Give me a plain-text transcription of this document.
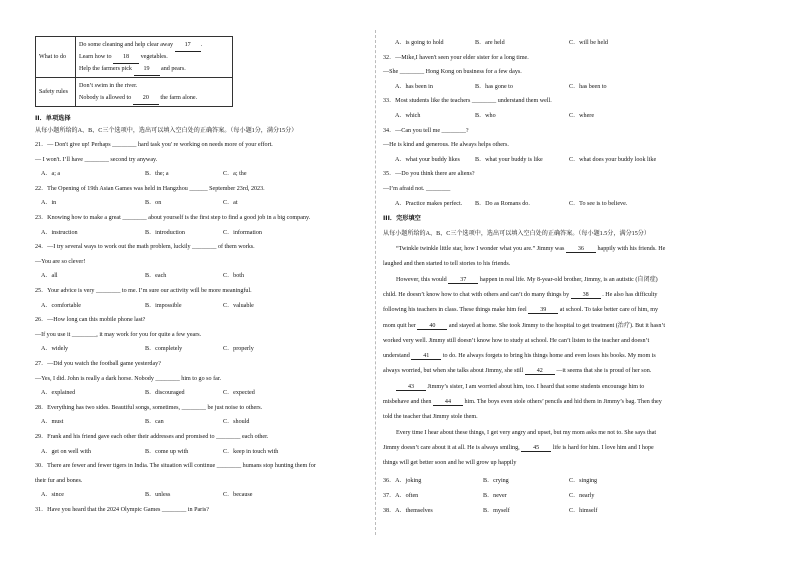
What to do	Do some cleaning and help clear away 17 .
Learn how to 18 vegetables.
Help the farmers pick 19 and pears.

Safety rules	Don’t swim in the river.
Nobody is allowed to 20 the farm alone.
II．单项选择
从每小题所给的A、B、C三个选项中，选出可以填入空白处的正确答案。（每小题1分，满分15分）
21．— Don't give up! Perhaps ________ hard task you' re working on needs more of your effort.
— I won't. I’ll have ________ second try anyway.
A．a; a	B．the; a	C．a; the
22．The Opening of 19th Asian Games was held in Hangzhou ______ September 23rd, 2023.
A．in	B．on	C．at
23．Knowing how to make a great ________ about yourself is the first step to find a good job in a big company.
A．instruction	B．introduction	C．information
24．—I try several ways to work out the math problem, luckily ________ of them works.
—You are so clever!
A．all	B．each	C．both
25．Your advice is very ________ to me. I’m sure our activity will be more meaningful.
A．comfortable	B．impossible	C．valuable
26．—How long can this mobile phone last?
—If you use it ________, it may work for you for quite a few years.
A．widely	B．completely	C．properly
27．—Did you watch the football game yesterday?
—Yes, I did. John is really a dark horse. Nobody ________ him to go so far.
A．explained	B．discouraged	C．expected
28．Everything has two sides. Beautiful songs, sometimes, ________ be just noise to others.
A．must	B．can	C．should
29．Frank and his friend gave each other their addresses and promised to ________ each other.
A．get on well with	B．come up with	C．keep in touch with
30．There are fewer and fewer tigers in India. The situation will continue ________ humans stop hunting them for
their fur and bones.
A．since	B．unless	C．because
31．Have you heard that the 2024 Olympic Games ________ in Paris?
A．is going to hold	B．are held	C．will be held
32．—Mike,I haven't seen your elder sister for a long time.
—She ________ Hong Kong on business for a few days.
A．has been in	B．has gone to	C．has been to
33．Most students like the teachers ________ understand them well.
A．which	B．who	C．where
34．—Can you tell me ________?
—He is kind and generous. He always helps others.
A．what your buddy likes B．what your buddy is like	C．what does your buddy look like
35．—Do you think there are aliens?
—I’m afraid not. ________
A．Practice makes perfect. B．Do as Romans do.	C．To see is to believe.
III．完形填空
从每小题所给的A、B、C三个选项中，选出可以填入空白处的正确答案。（每小题1.5分，满分15分）
“Twinkle twinkle little star, how I wonder what you are.” Jimmy was 36 happily with his friends. He
laughed and then started to tell stories to his friends.
However, this would 37 happen in real life. My 8-year-old brother, Jimmy, is an autistic (自闭症)
child. He doesn’t know how to chat with others and can’t do many things by 38 . He also has difficulty
following his teachers in class. These things make him feel 39 at school. To take better care of him, my
mom quit her 40 and stayed at home. She took Jimmy to the hospital to get treatment (治疗). But it hasn’t
worked very well. Jimmy still doesn’t know how to study at school. He can’t listen to the teacher and doesn’t
understand 41 to do. He always forgets to bring his things home and even loses his books. My mom is
always worried, but when she talks about Jimmy, she still 42 —it seems that she is proud of her son.
43 Jimmy’s sister, I am worried about him, too. I heard that some students encourage him to
misbehave and then 44 him. The boys even stole others’ pencils and hid them in Jimmy’s bag. Then they
told the teacher that Jimmy stole them.
Every time I hear about these things, I get very angry and upset, but my mom asks me not to. She says that
Jimmy doesn’t care about it at all. He is always smiling, 45 life is hard for him. I love him and I hope
things will get better soon and he will grow up happily
36．A．joking	B．crying	C．singing
37．A．often	B．never	C．nearly
38．A．themselves	B．myself	C．himself
